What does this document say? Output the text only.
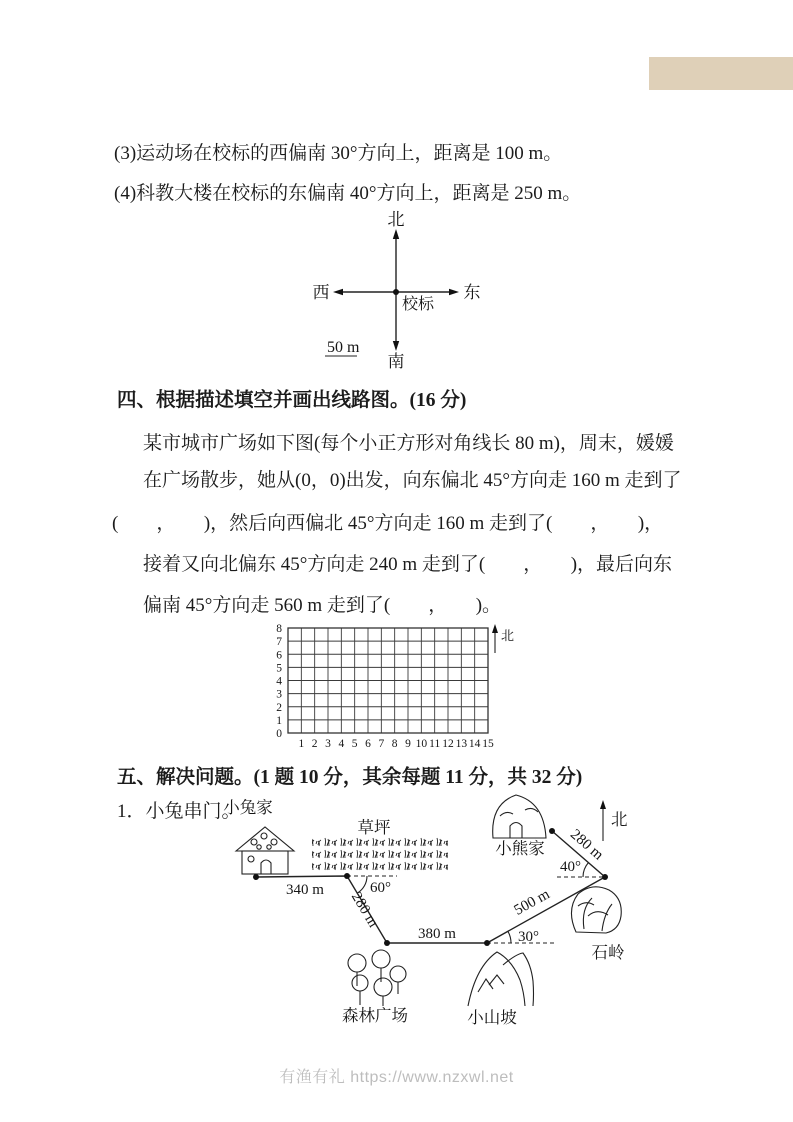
(3)运动场在校标的西偏南 30°方向上，距离是 100 m。
(4)科教大楼在校标的东偏南 40°方向上，距离是 250 m。
北
南
西	东
校标
50 m
四、根据描述填空并画出线路图。(16 分)
某市城市广场如下图(每个小正方形对角线长 80 m)，周末，媛媛
在广场散步，她从(0，0)出发，向东偏北 45°方向走 160 m 走到了
(　　，　　)，然后向西偏北 45°方向走 160 m 走到了(　　，　　)，
接着又向北偏东 45°方向走 240 m 走到了(　　，　　)，最后向东
偏南 45°方向走 560 m 走到了(　　，　　)。
0
1
2
3
4
5
6
7
8
1 2 3 4 5 6 7 8 9 10 11 12 13 14 15
北
五、解决问题。(1 题 10 分，其余每题 11 分，共 32 分)
1．小兔串门。
草坪
340 m 280 m
380 m
500 m
280 m
60°
30°
40°
小兔家
小熊家
石岭
森林广场	小山坡
北
有渔有礼 https://www.nzxwl.net
